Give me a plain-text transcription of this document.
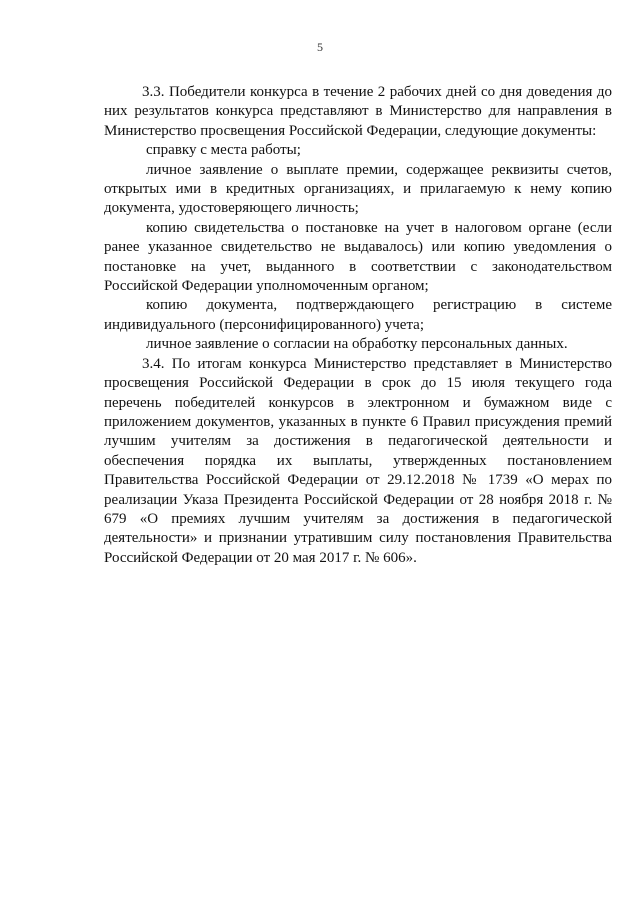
5

3.3. Победители конкурса в течение 2 рабочих дней со дня доведения до них результатов конкурса представляют в Министерство для направления в Министерство просвещения Российской Федерации, следующие документы:

справку с места работы;

личное заявление о выплате премии, содержащее реквизиты счетов, открытых ими в кредитных организациях, и прилагаемую к нему копию документа, удостоверяющего личность;

копию свидетельства о постановке на учет в налоговом органе (если ранее указанное свидетельство не выдавалось) или копию уведомления о постановке на учет, выданного в соответствии с законодательством Российской Федерации уполномоченным органом;

копию документа, подтверждающего регистрацию в системе индивидуального (персонифицированного) учета;

личное заявление о согласии на обработку персональных данных.

3.4. По итогам конкурса Министерство представляет в Министерство просвещения Российской Федерации в срок до 15 июля текущего года перечень победителей конкурсов в электронном и бумажном виде с приложением документов, указанных в пункте 6 Правил присуждения премий лучшим учителям за достижения в педагогической деятельности и обеспечения порядка их выплаты, утвержденных постановлением Правительства Российской Федерации от 29.12.2018 № 1739 «О мерах по реализации Указа Президента Российской Федерации от 28 ноября 2018 г. № 679 «О премиях лучшим учителям за достижения в педагогической деятельности» и признании утратившим силу постановления Правительства Российской Федерации от 20 мая 2017 г. № 606».
